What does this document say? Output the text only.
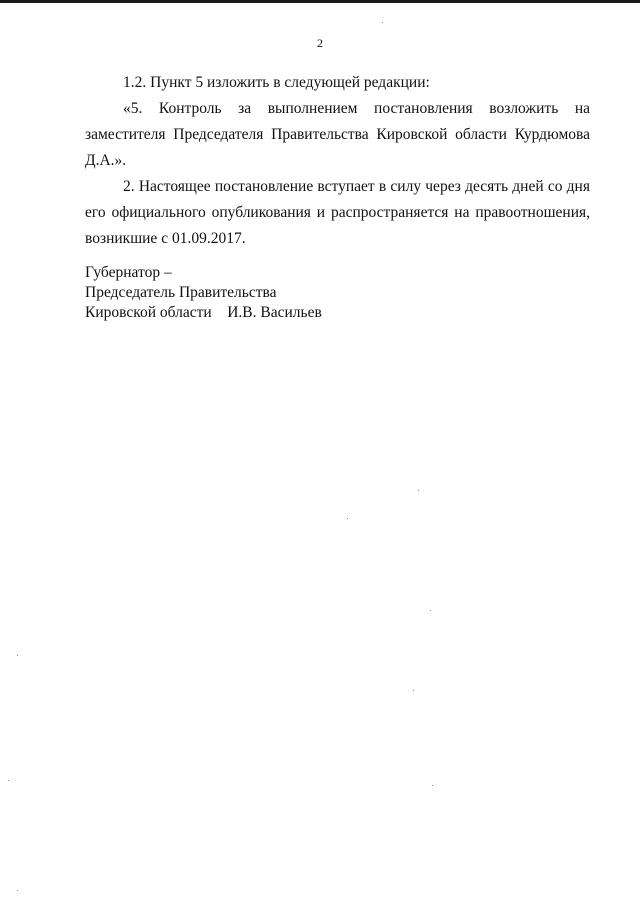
2

1.2. Пункт 5 изложить в следующей редакции:

«5. Контроль за выполнением постановления возложить на заместителя Председателя Правительства Кировской области Курдюмова Д.А.».

2. Настоящее постановление вступает в силу через десять дней со дня его официального опубликования и распространяется на правоотношения, возникшие с 01.09.2017.

Губернатор –
Председатель Правительства
Кировской области И.В. Васильев
